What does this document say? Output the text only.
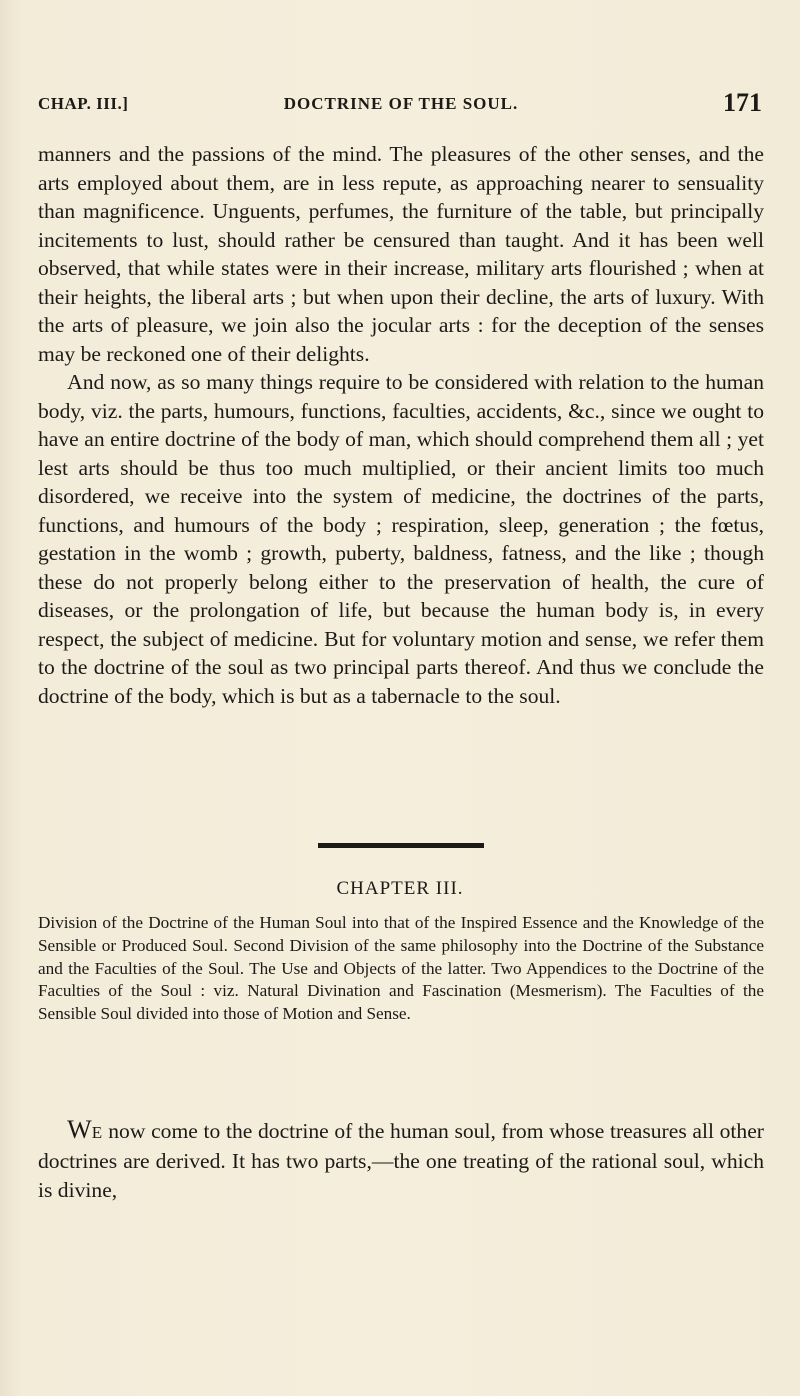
CHAP. III.]	DOCTRINE OF THE SOUL.	171

manners and the passions of the mind. The pleasures of the other senses, and the arts employed about them, are in less repute, as approaching nearer to sensuality than magnificence. Unguents, perfumes, the furniture of the table, but principally incitements to lust, should rather be censured than taught. And it has been well observed, that while states were in their increase, military arts flourished ; when at their heights, the liberal arts ; but when upon their decline, the arts of luxury. With the arts of pleasure, we join also the jocular arts : for the deception of the senses may be reckoned one of their delights.

And now, as so many things require to be considered with relation to the human body, viz. the parts, humours, functions, faculties, accidents, &c., since we ought to have an entire doctrine of the body of man, which should comprehend them all ; yet lest arts should be thus too much multiplied, or their ancient limits too much disordered, we receive into the system of medicine, the doctrines of the parts, functions, and humours of the body ; respiration, sleep, generation ; the fœtus, gestation in the womb ; growth, puberty, baldness, fatness, and the like ; though these do not properly belong either to the preservation of health, the cure of diseases, or the prolongation of life, but because the human body is, in every respect, the subject of medicine. But for voluntary motion and sense, we refer them to the doctrine of the soul as two principal parts thereof. And thus we conclude the doctrine of the body, which is but as a tabernacle to the soul.

CHAPTER III.

Division of the Doctrine of the Human Soul into that of the Inspired Essence and the Knowledge of the Sensible or Produced Soul. Second Division of the same philosophy into the Doctrine of the Substance and the Faculties of the Soul. The Use and Objects of the latter. Two Appendices to the Doctrine of the Faculties of the Soul : viz. Natural Divination and Fascination (Mesmerism). The Faculties of the Sensible Soul divided into those of Motion and Sense.

WE now come to the doctrine of the human soul, from whose treasures all other doctrines are derived. It has two parts,—the one treating of the rational soul, which is divine,
